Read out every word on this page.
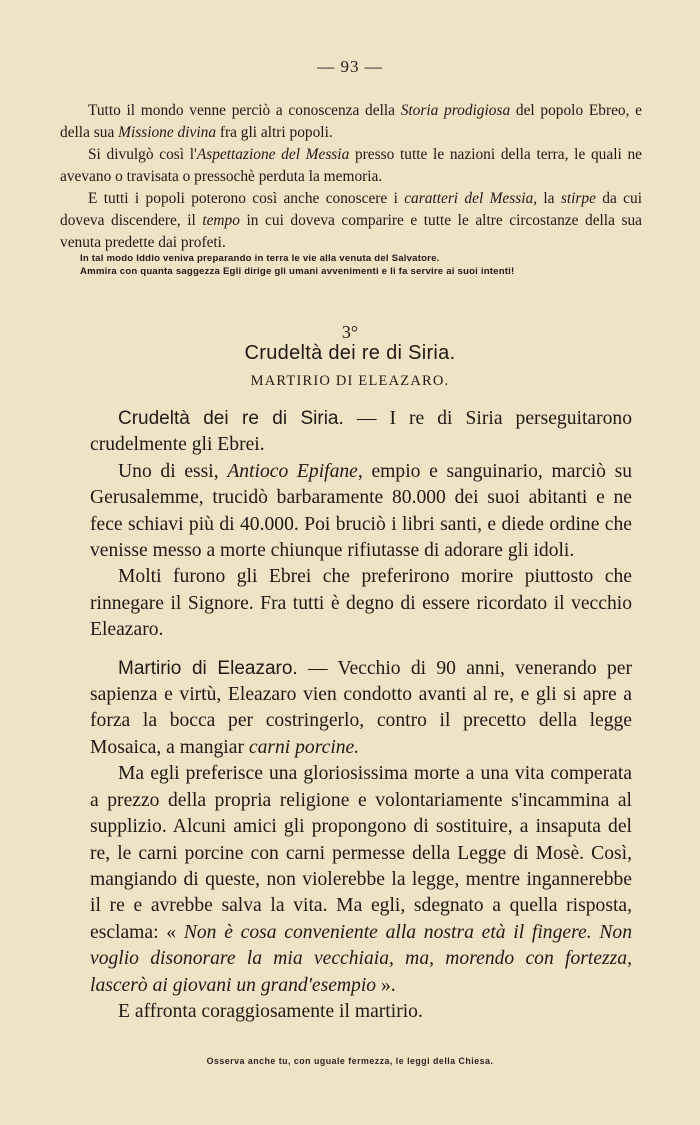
— 93 —

Tutto il mondo venne perciò a conoscenza della Storia prodigiosa del popolo Ebreo, e della sua Missione divina fra gli altri popoli.

Si divulgò così l'Aspettazione del Messia presso tutte le nazioni della terra, le quali ne avevano o travisata o pressochè perduta la memoria.

E tutti i popoli poterono così anche conoscere i caratteri del Messia, la stirpe da cui doveva discendere, il tempo in cui doveva comparire e tutte le altre circostanze della sua venuta predette dai profeti.

In tal modo Iddio veniva preparando in terra le vie alla venuta del Salvatore.

Ammira con quanta saggezza Egli dirige gli umani avvenimenti e li fa servire ai suoi intenti!

3°
Crudeltà dei re di Siria.
MARTIRIO DI ELEAZARO.

Crudeltà dei re di Siria. — I re di Siria perseguitarono crudelmente gli Ebrei.

Uno di essi, Antioco Epifane, empio e sanguinario, marciò su Gerusalemme, trucidò barbaramente 80.000 dei suoi abitanti e ne fece schiavi più di 40.000. Poi bruciò i libri santi, e diede ordine che venisse messo a morte chiunque rifiutasse di adorare gli idoli.

Molti furono gli Ebrei che preferirono morire piuttosto che rinnegare il Signore. Fra tutti è degno di essere ricordato il vecchio Eleazaro.

Martirio di Eleazaro. — Vecchio di 90 anni, venerando per sapienza e virtù, Eleazaro vien condotto avanti al re, e gli si apre a forza la bocca per costringerlo, contro il precetto della legge Mosaica, a mangiar carni porcine.

Ma egli preferisce una gloriosissima morte a una vita comperata a prezzo della propria religione e volontariamente s'incammina al supplizio. Alcuni amici gli propongono di sostituire, a insaputa del re, le carni porcine con carni permesse della Legge di Mosè. Così, mangiando di queste, non violerebbe la legge, mentre ingannerebbe il re e avrebbe salva la vita. Ma egli, sdegnato a quella risposta, esclama: « Non è cosa conveniente alla nostra età il fingere. Non voglio disonorare la mia vecchiaia, ma, morendo con fortezza, lascerò ai giovani un grand'esempio ».

E affronta coraggiosamente il martirio.

Osserva anche tu, con uguale fermezza, le leggi della Chiesa.
